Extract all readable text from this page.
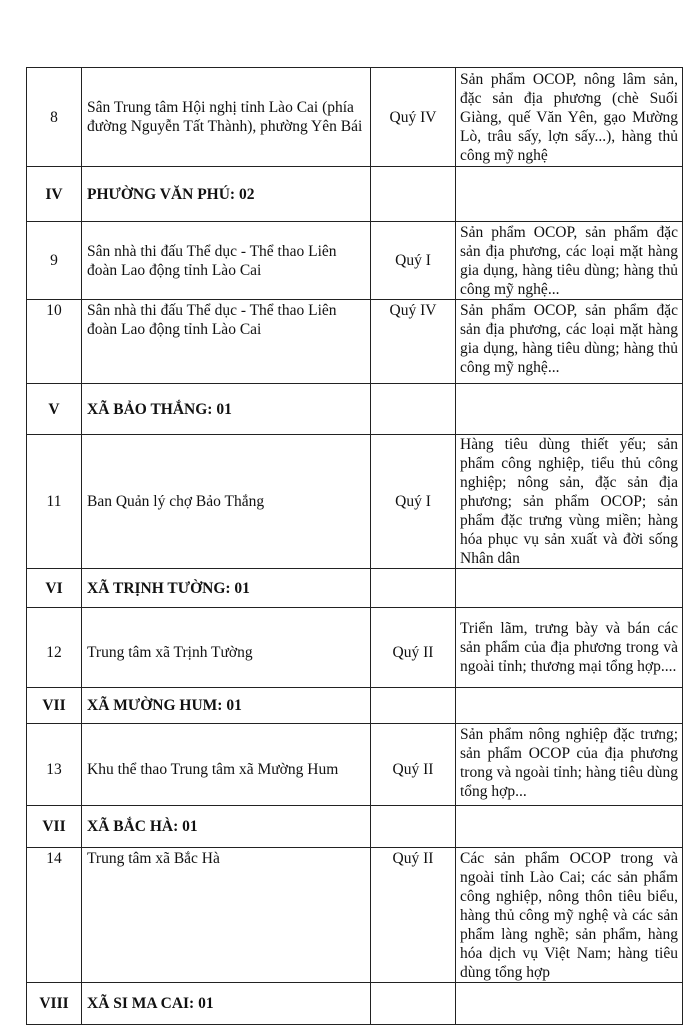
8	Sân Trung tâm Hội nghị tỉnh Lào Cai (phía đường Nguyễn Tất Thành), phường Yên Bái	Quý IV	Sản phẩm OCOP, nông lâm sản, đặc sản địa phương (chè Suối Giàng, quế Văn Yên, gạo Mường Lò, trâu sấy, lợn sấy...), hàng thủ công mỹ nghệ
IV	PHƯỜNG VĂN PHÚ: 02		
9	Sân nhà thi đấu Thể dục - Thể thao Liên đoàn Lao động tỉnh Lào Cai	Quý I	Sản phẩm OCOP, sản phẩm đặc sản địa phương, các loại mặt hàng gia dụng, hàng tiêu dùng; hàng thủ công mỹ nghệ...
10	Sân nhà thi đấu Thể dục - Thể thao Liên đoàn Lao động tỉnh Lào Cai	Quý IV	Sản phẩm OCOP, sản phẩm đặc sản địa phương, các loại mặt hàng gia dụng, hàng tiêu dùng; hàng thủ công mỹ nghệ...
V	XÃ BẢO THẮNG: 01		
11	Ban Quản lý chợ Bảo Thắng	Quý I	Hàng tiêu dùng thiết yếu; sản phẩm công nghiệp, tiểu thủ công nghiệp; nông sản, đặc sản địa phương; sản phẩm OCOP; sản phẩm đặc trưng vùng miền; hàng hóa phục vụ sản xuất và đời sống Nhân dân
VI	XÃ TRỊNH TƯỜNG: 01		
12	Trung tâm xã Trịnh Tường	Quý II	Triển lãm, trưng bày và bán các sản phẩm của địa phương trong và ngoài tỉnh; thương mại tổng hợp....
VII	XÃ MƯỜNG HUM: 01		
13	Khu thể thao Trung tâm xã Mường Hum	Quý II	Sản phẩm nông nghiệp đặc trưng; sản phẩm OCOP của địa phương trong và ngoài tỉnh; hàng tiêu dùng tổng hợp...
VII	XÃ BẮC HÀ: 01		
14	Trung tâm xã Bắc Hà	Quý II	Các sản phẩm OCOP trong và ngoài tỉnh Lào Cai; các sản phẩm công nghiệp, nông thôn tiêu biểu, hàng thủ công mỹ nghệ và các sản phẩm làng nghề; sản phẩm, hàng hóa dịch vụ Việt Nam; hàng tiêu dùng tổng hợp
VIII	XÃ SI MA CAI: 01		
